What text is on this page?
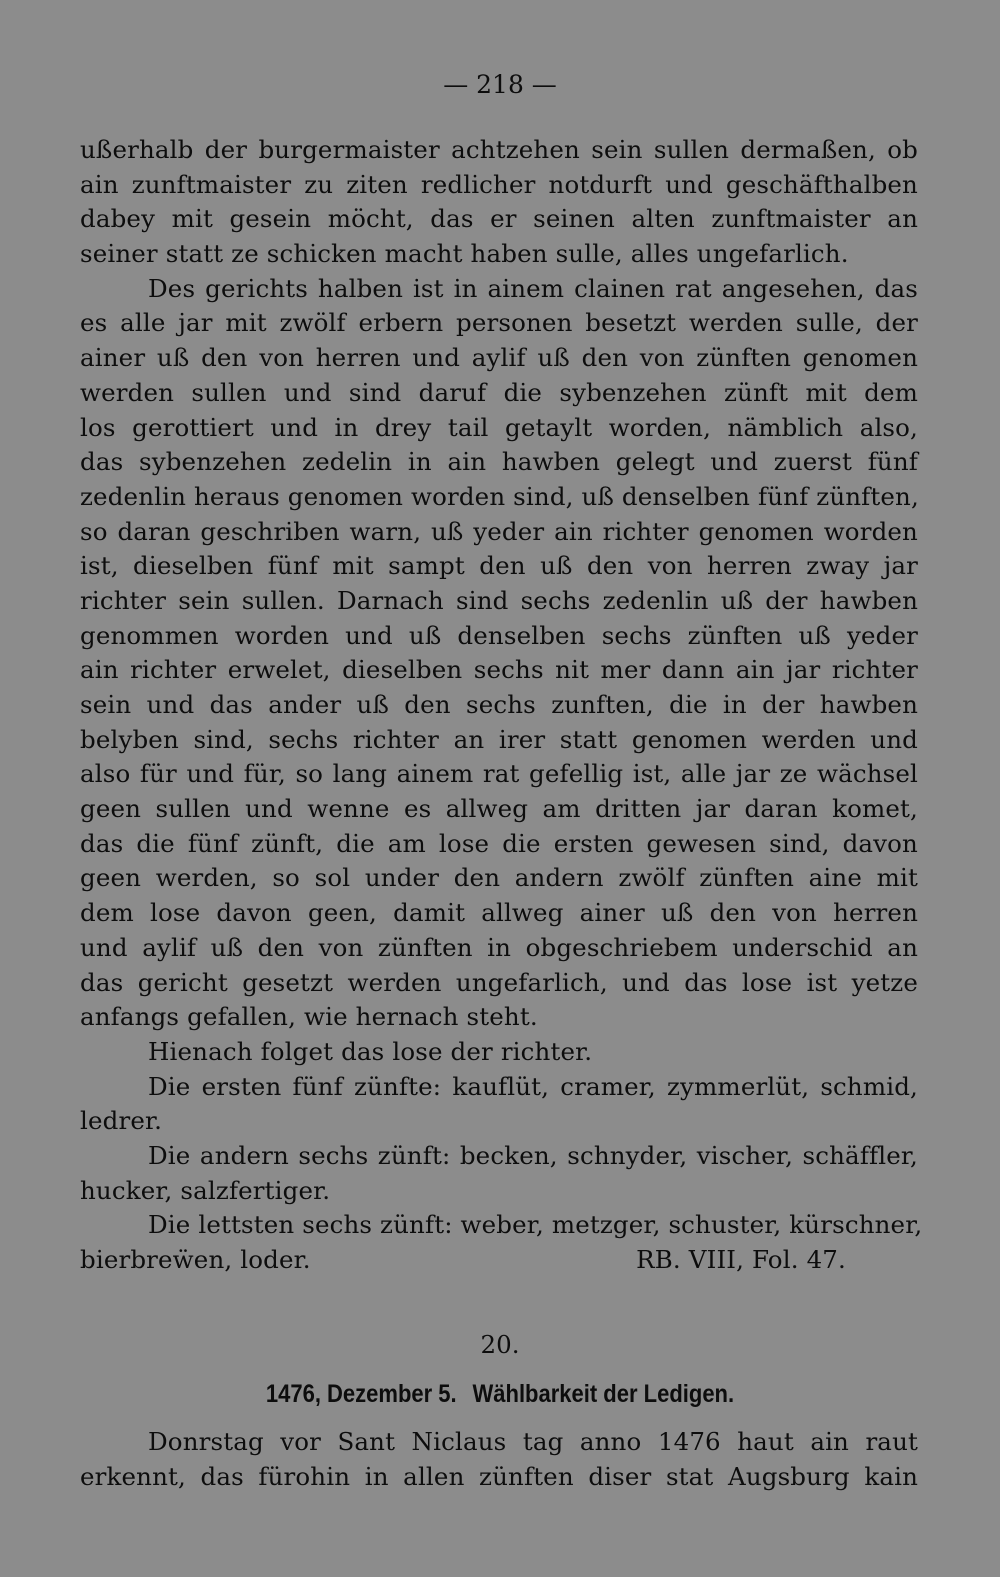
— 218 —
ußerhalb der burgermaister achtzehen sein sullen dermaßen, ob
ain zunftmaister zu ziten redlicher notdurft und geschäfthalben
dabey mit gesein möcht, das er seinen alten zunftmaister an
seiner statt ze schicken macht haben sulle, alles ungefarlich.
Des gerichts halben ist in ainem clainen rat angesehen, das
es alle jar mit zwölf erbern personen besetzt werden sulle, der
ainer uß den von herren und aylif uß den von zünften genomen
werden sullen und sind daruf die sybenzehen zünft mit dem
los gerottiert und in drey tail getaylt worden, nämblich also,
das sybenzehen zedelin in ain hawben gelegt und zuerst fünf
zedenlin heraus genomen worden sind, uß denselben fünf zünften,
so daran geschriben warn, uß yeder ain richter genomen worden
ist, dieselben fünf mit sampt den uß den von herren zway jar
richter sein sullen. Darnach sind sechs zedenlin uß der hawben
genommen worden und uß denselben sechs zünften uß yeder
ain richter erwelet, dieselben sechs nit mer dann ain jar richter
sein und das ander uß den sechs zunften, die in der hawben
belyben sind, sechs richter an irer statt genomen werden und
also für und für, so lang ainem rat gefellig ist, alle jar ze wächsel
geen sullen und wenne es allweg am dritten jar daran komet,
das die fünf zünft, die am lose die ersten gewesen sind, davon
geen werden, so sol under den andern zwölf zünften aine mit
dem lose davon geen, damit allweg ainer uß den von herren
und aylif uß den von zünften in obgeschriebem underschid an
das gericht gesetzt werden ungefarlich, und das lose ist yetze
anfangs gefallen, wie hernach steht.
Hienach folget das lose der richter.
Die ersten fünf zünfte: kauflüt, cramer, zymmerlüt, schmid,
ledrer.
Die andern sechs zünft: becken, schnyder, vischer, schäffler,
hucker, salzfertiger.
Die lettsten sechs zünft: weber, metzger, schuster, kürschner,
bierbreẅen, loder.	RB. VIII, Fol. 47.
20.
1476, Dezember 5. Wählbarkeit der Ledigen.
Donrstag vor Sant Niclaus tag anno 1476 haut ain raut
erkennt, das fürohin in allen zünften diser stat Augsburg kain
